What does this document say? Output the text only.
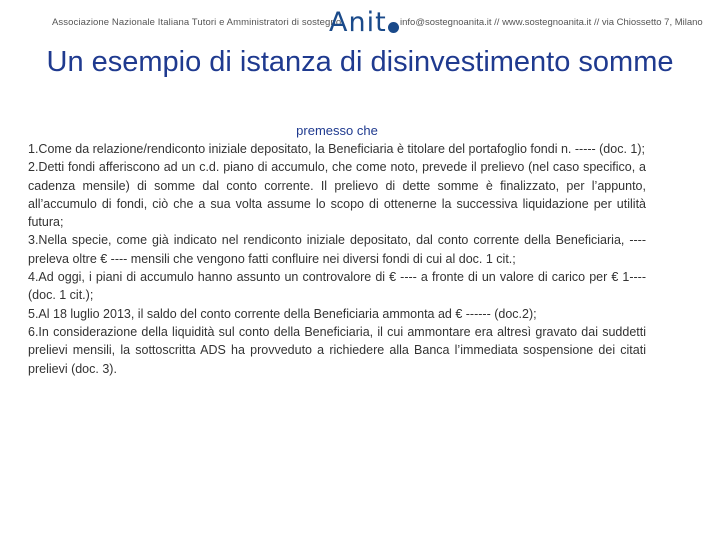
Associazione Nazionale Italiana Tutori e Amministratori di sostegno
Anit	info@sostegnoanita.it // www.sostegnoanita.it // via Chiossetto 7, Milano
Un esempio di istanza di disinvestimento somme
premesso che

1.Come da relazione/rendiconto iniziale depositato, la Beneficiaria è titolare del portafoglio fondi n. ----- (doc. 1);

2.Detti fondi afferiscono ad un c.d. piano di accumulo, che come noto, prevede il prelievo (nel caso specifico, a cadenza mensile) di somme dal conto corrente. Il prelievo di dette somme è finalizzato, per l’appunto, all’accumulo di fondi, ciò che a sua volta assume lo scopo di ottenerne la successiva liquidazione per utilità futura;

3.Nella specie, come già indicato nel rendiconto iniziale depositato, dal conto corrente della Beneficiaria, ---- preleva oltre € ---- mensili che vengono fatti confluire nei diversi fondi di cui al doc. 1 cit.;

4.Ad oggi, i piani di accumulo hanno assunto un controvalore di € ---- a fronte di un valore di carico per € 1---- (doc. 1 cit.);

5.Al 18 luglio 2013, il saldo del conto corrente della Beneficiaria ammonta ad € ------ (doc.2);

6.In considerazione della liquidità sul conto della Beneficiaria, il cui ammontare era altresì gravato dai suddetti prelievi mensili, la sottoscritta ADS ha provveduto a richiedere alla Banca l’immediata sospensione dei citati prelievi (doc. 3).
